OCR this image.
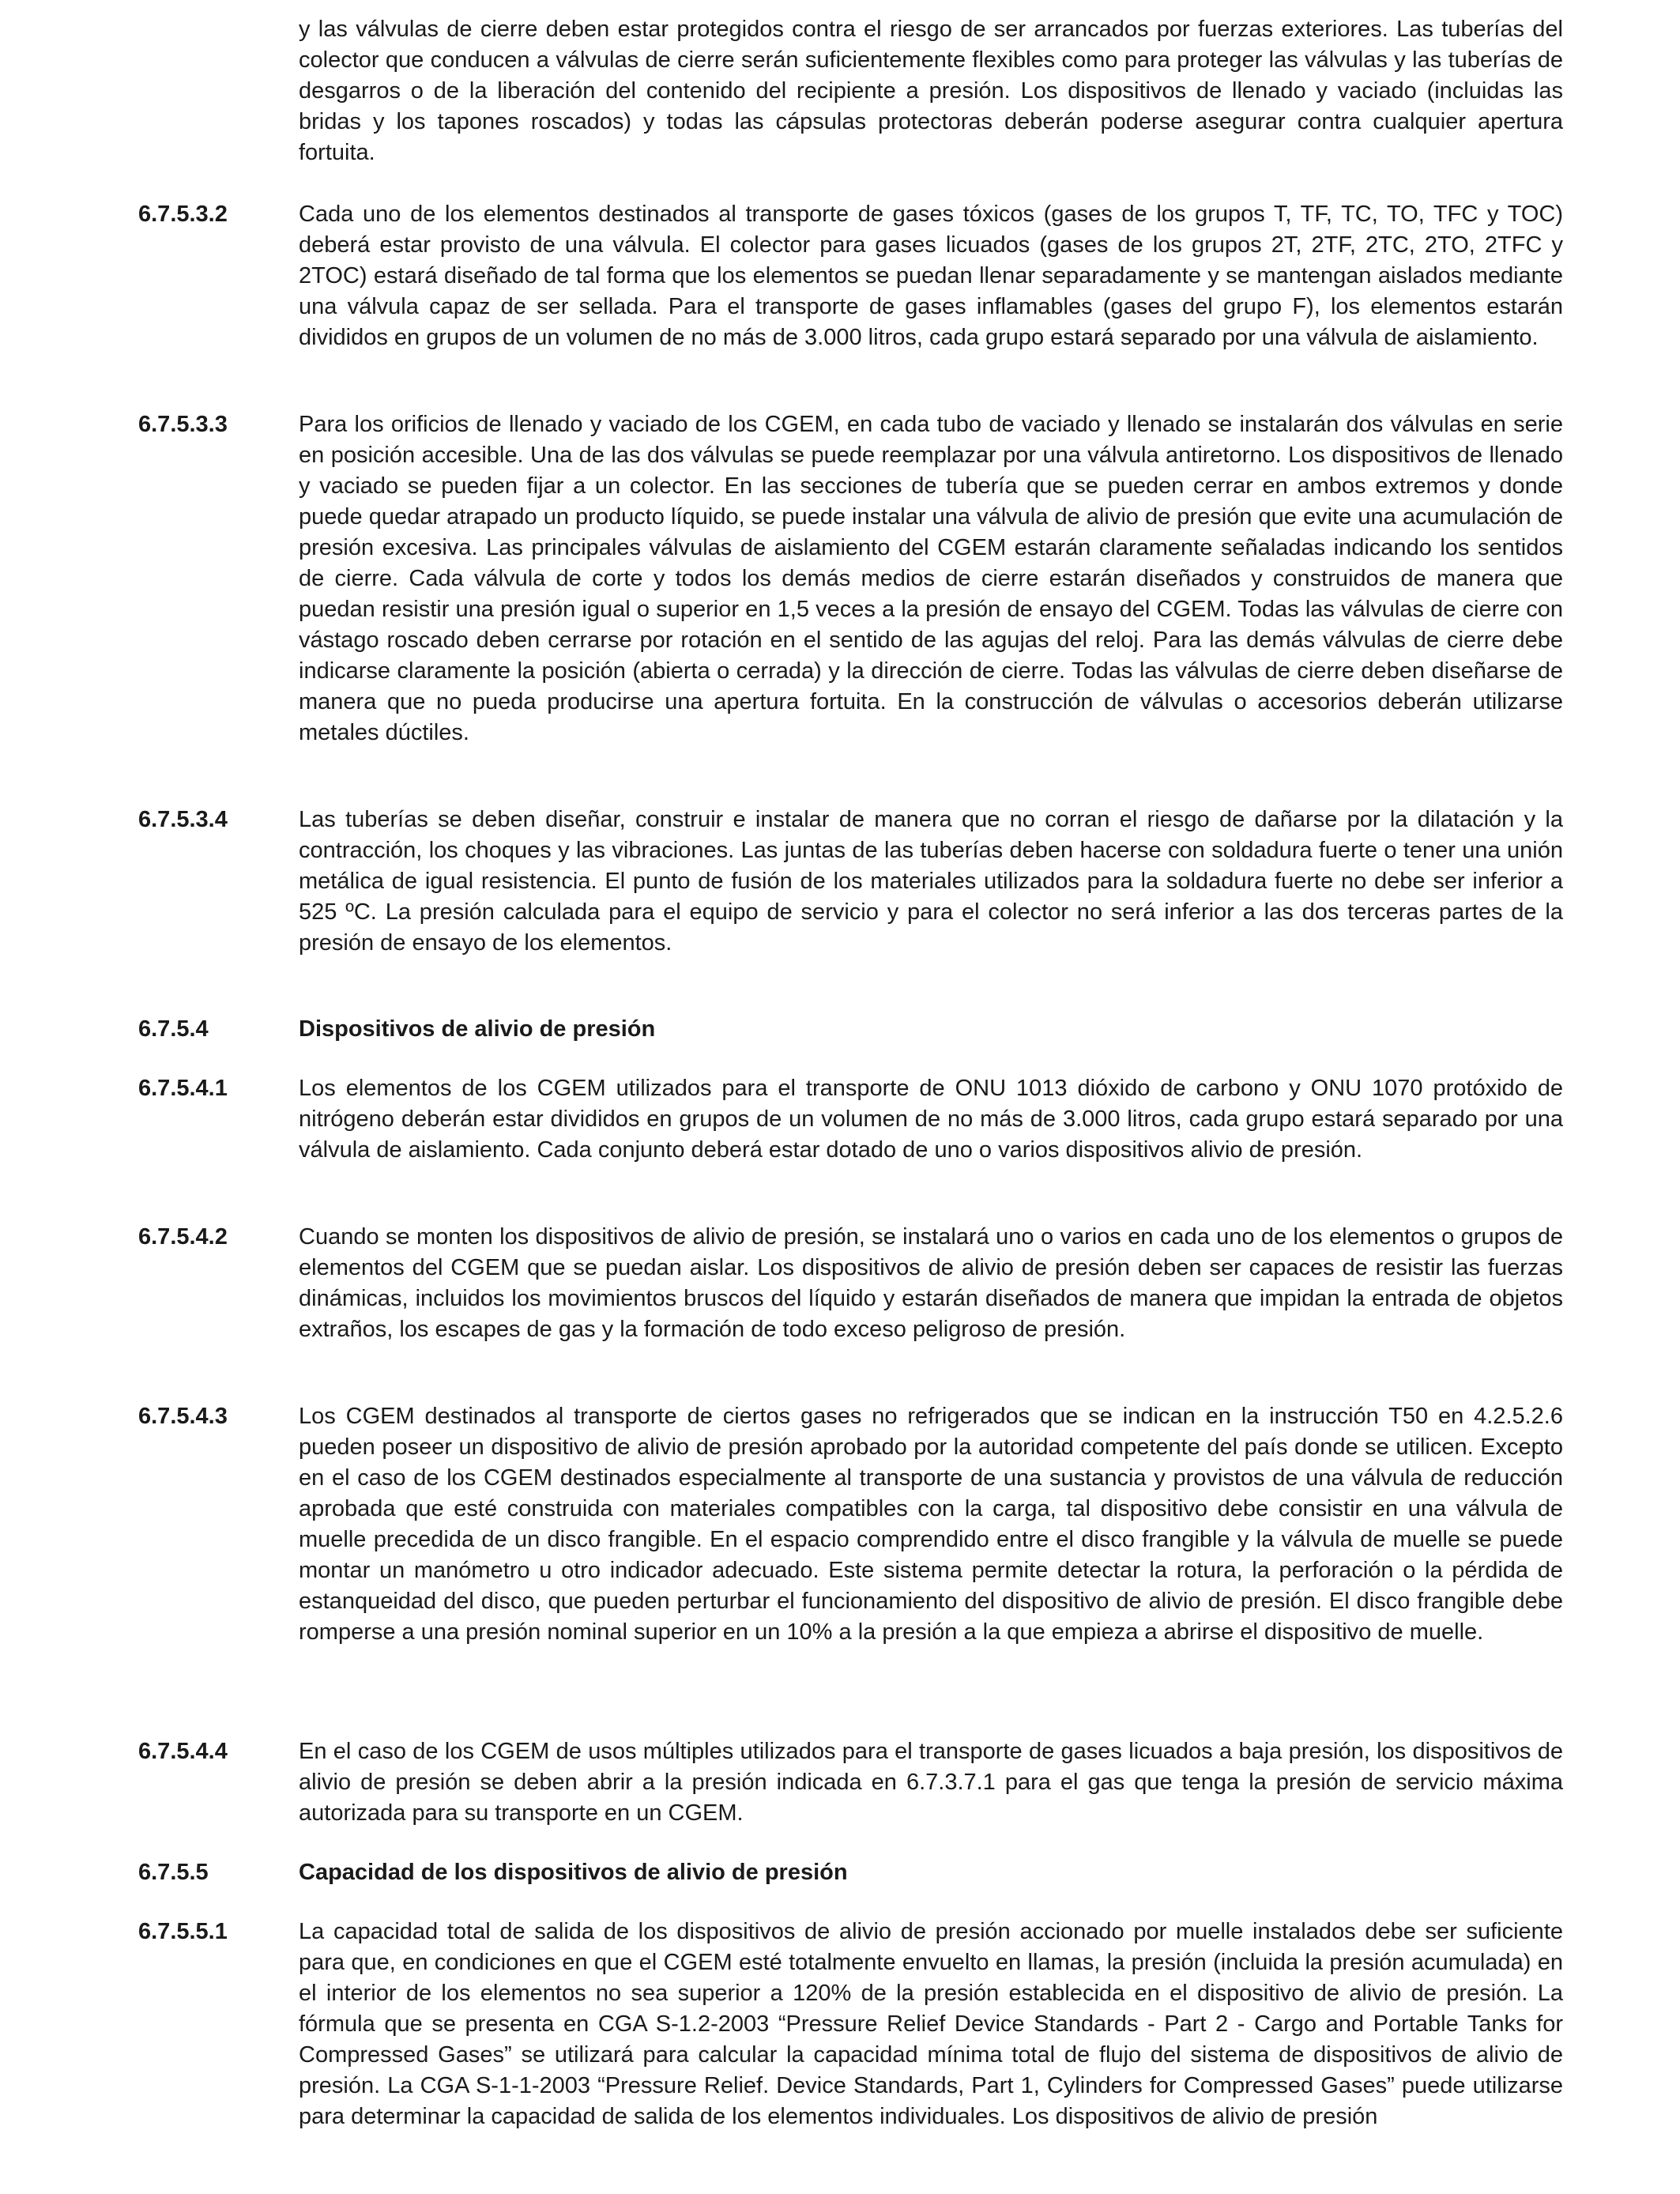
y las válvulas de cierre deben estar protegidos contra el riesgo de ser arrancados por fuerzas exteriores. Las tuberías del colector que conducen a válvulas de cierre serán suficientemente flexibles como para proteger las válvulas y las tuberías de desgarros o de la liberación del contenido del recipiente a presión. Los dispositivos de llenado y vaciado (incluidas las bridas y los tapones roscados) y todas las cápsulas protectoras deberán poderse asegurar contra cualquier apertura fortuita.
6.7.5.3.2	Cada uno de los elementos destinados al transporte de gases tóxicos (gases de los grupos T, TF, TC, TO, TFC y TOC) deberá estar provisto de una válvula. El colector para gases licuados (gases de los grupos 2T, 2TF, 2TC, 2TO, 2TFC y 2TOC) estará diseñado de tal forma que los elementos se puedan llenar separadamente y se mantengan aislados mediante una válvula capaz de ser sellada. Para el transporte de gases inflamables (gases del grupo F), los elementos estarán divididos en grupos de un volumen de no más de 3.000 litros, cada grupo estará separado por una válvula de aislamiento.
6.7.5.3.3	Para los orificios de llenado y vaciado de los CGEM, en cada tubo de vaciado y llenado se instalarán dos válvulas en serie en posición accesible. Una de las dos válvulas se puede reemplazar por una válvula antiretorno. Los dispositivos de llenado y vaciado se pueden fijar a un colector. En las secciones de tubería que se pueden cerrar en ambos extremos y donde puede quedar atrapado un producto líquido, se puede instalar una válvula de alivio de presión que evite una acumulación de presión excesiva. Las principales válvulas de aislamiento del CGEM estarán claramente señaladas indicando los sentidos de cierre. Cada válvula de corte y todos los demás medios de cierre estarán diseñados y construidos de manera que puedan resistir una presión igual o superior en 1,5 veces a la presión de ensayo del CGEM. Todas las válvulas de cierre con vástago roscado deben cerrarse por rotación en el sentido de las agujas del reloj. Para las demás válvulas de cierre debe indicarse claramente la posición (abierta o cerrada) y la dirección de cierre. Todas las válvulas de cierre deben diseñarse de manera que no pueda producirse una apertura fortuita. En la construcción de válvulas o accesorios deberán utilizarse metales dúctiles.
6.7.5.3.4	Las tuberías se deben diseñar, construir e instalar de manera que no corran el riesgo de dañarse por la dilatación y la contracción, los choques y las vibraciones. Las juntas de las tuberías deben hacerse con soldadura fuerte o tener una unión metálica de igual resistencia. El punto de fusión de los materiales utilizados para la soldadura fuerte no debe ser inferior a 525 ºC. La presión calculada para el equipo de servicio y para el colector no será inferior a las dos terceras partes de la presión de ensayo de los elementos.
6.7.5.4	Dispositivos de alivio de presión
6.7.5.4.1	Los elementos de los CGEM utilizados para el transporte de ONU 1013 dióxido de carbono y ONU 1070 protóxido de nitrógeno deberán estar divididos en grupos de un volumen de no más de 3.000 litros, cada grupo estará separado por una válvula de aislamiento. Cada conjunto deberá estar dotado de uno o varios dispositivos alivio de presión.
6.7.5.4.2	Cuando se monten los dispositivos de alivio de presión, se instalará uno o varios en cada uno de los elementos o grupos de elementos del CGEM que se puedan aislar. Los dispositivos de alivio de presión deben ser capaces de resistir las fuerzas dinámicas, incluidos los movimientos bruscos del líquido y estarán diseñados de manera que impidan la entrada de objetos extraños, los escapes de gas y la formación de todo exceso peligroso de presión.
6.7.5.4.3	Los CGEM destinados al transporte de ciertos gases no refrigerados que se indican en la instrucción T50 en 4.2.5.2.6 pueden poseer un dispositivo de alivio de presión aprobado por la autoridad competente del país donde se utilicen. Excepto en el caso de los CGEM destinados especialmente al transporte de una sustancia y provistos de una válvula de reducción aprobada que esté construida con materiales compatibles con la carga, tal dispositivo debe consistir en una válvula de muelle precedida de un disco frangible. En el espacio comprendido entre el disco frangible y la válvula de muelle se puede montar un manómetro u otro indicador adecuado. Este sistema permite detectar la rotura, la perforación o la pérdida de estanqueidad del disco, que pueden perturbar el funcionamiento del dispositivo de alivio de presión. El disco frangible debe romperse a una presión nominal superior en un 10% a la presión a la que empieza a abrirse el dispositivo de muelle.
6.7.5.4.4	En el caso de los CGEM de usos múltiples utilizados para el transporte de gases licuados a baja presión, los dispositivos de alivio de presión se deben abrir a la presión indicada en 6.7.3.7.1 para el gas que tenga la presión de servicio máxima autorizada para su transporte en un CGEM.
6.7.5.5	Capacidad de los dispositivos de alivio de presión
6.7.5.5.1	La capacidad total de salida de los dispositivos de alivio de presión accionado por muelle instalados debe ser suficiente para que, en condiciones en que el CGEM esté totalmente envuelto en llamas, la presión (incluida la presión acumulada) en el interior de los elementos no sea superior a 120% de la presión establecida en el dispositivo de alivio de presión. La fórmula que se presenta en CGA S-1.2-2003 “Pressure Relief Device Standards - Part 2 - Cargo and Portable Tanks for Compressed Gases” se utilizará para calcular la capacidad mínima total de flujo del sistema de dispositivos de alivio de presión. La CGA S-1-1-2003 “Pressure Relief. Device Standards, Part 1, Cylinders for Compressed Gases” puede utilizarse para determinar la capacidad de salida de los elementos individuales. Los dispositivos de alivio de presión
